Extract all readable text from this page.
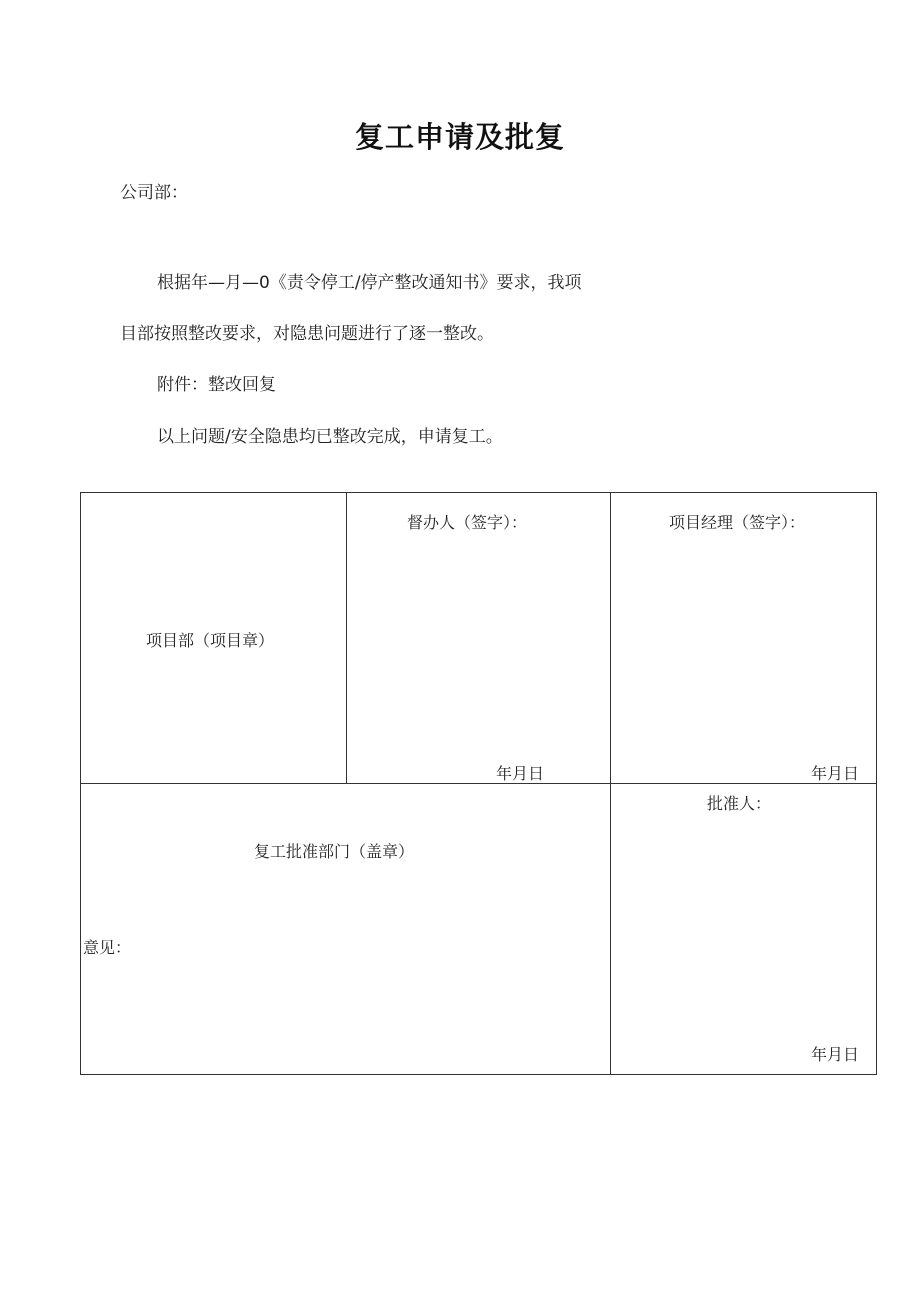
复工申请及批复
公司部：
根据年—月—0《责令停工/停产整改通知书》要求，我项
目部按照整改要求，对隐患问题进行了逐一整改。
附件：整改回复
以上问题/安全隐患均已整改完成，申请复工。
项目部（项目章）
督办人（签字）：
年月日
项目经理（签字）：
年月日
复工批准部门（盖章）
意见：
批准人：
年月日
